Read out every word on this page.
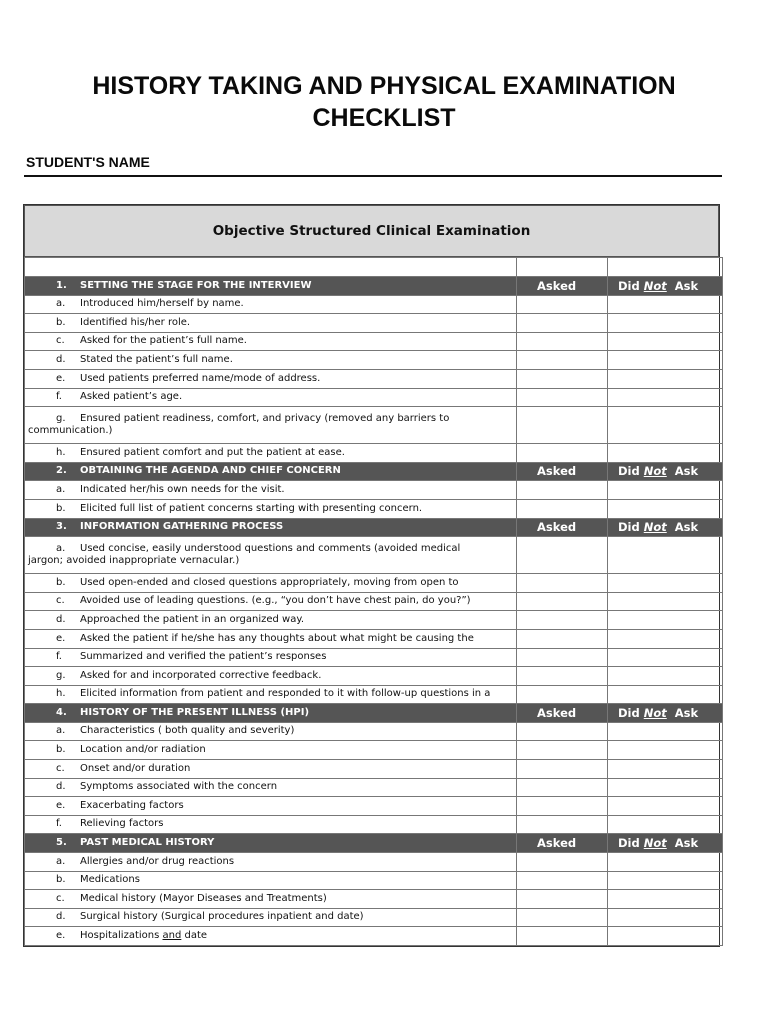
HISTORY TAKING AND PHYSICAL EXAMINATION
CHECKLIST
STUDENT'S NAME
Objective Structured Clinical Examination

1. SETTING THE STAGE FOR THE INTERVIEW	Asked	Did Not  Ask
a. Introduced him/herself by name.		
b. Identified his/her role.		
c. Asked for the patient’s full name.		
d. Stated the patient’s full name.		
e. Used patients preferred name/mode of address.		
f. Asked patient’s age.		

g. Ensured patient readiness, comfort, and privacy (removed any barriers to
communication.)		

h. Ensured patient comfort and put the patient at ease.		
2. OBTAINING THE AGENDA AND CHIEF CONCERN	Asked	Did Not  Ask
a. Indicated her/his own needs for the visit.		
b. Elicited full list of patient concerns starting with presenting concern.		
3. INFORMATION GATHERING PROCESS	Asked	Did Not  Ask

a. Used concise, easily understood questions and comments (avoided medical
jargon; avoided inappropriate vernacular.)		

b. Used open-ended and closed questions appropriately, moving from open to		
c. Avoided use of leading questions. (e.g., “you don’t have chest pain, do you?”)		
d. Approached the patient in an organized way.		
e. Asked the patient if he/she has any thoughts about what might be causing the		
f. Summarized and verified the patient’s responses		
g. Asked for and incorporated corrective feedback.		
h. Elicited information from patient and responded to it with follow-up questions in a		
4. HISTORY OF THE PRESENT ILLNESS (HPI)	Asked	Did Not  Ask
a. Characteristics ( both quality and severity)		
b. Location and/or radiation		
c. Onset and/or duration		
d. Symptoms associated with the concern		
e. Exacerbating factors		
f. Relieving factors		
5. PAST MEDICAL HISTORY	Asked	Did Not  Ask
a. Allergies and/or drug reactions		
b. Medications		
c. Medical history (Mayor Diseases and Treatments)		
d. Surgical history (Surgical procedures inpatient and date)		
e. Hospitalizations and date		
